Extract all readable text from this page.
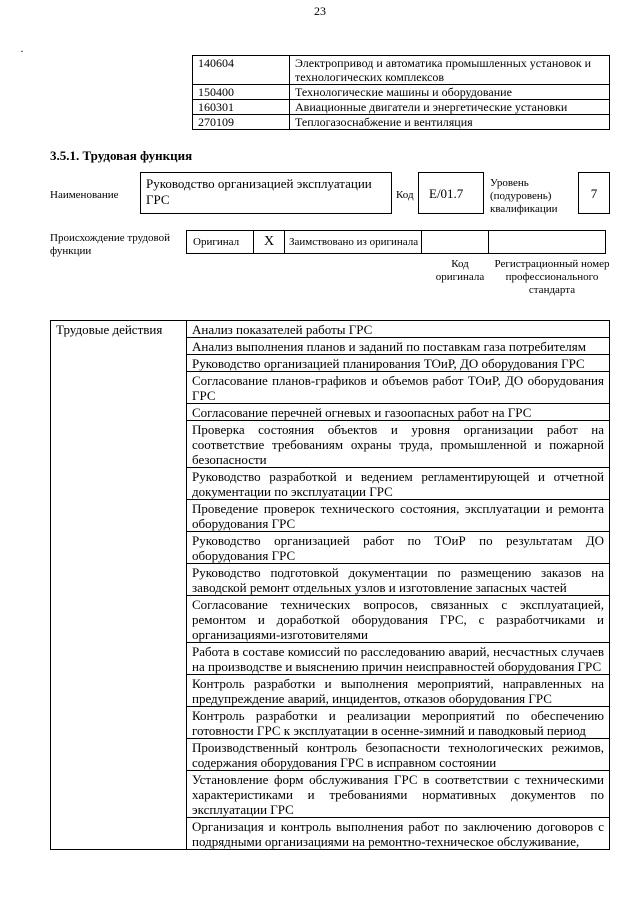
23
·
140604	Электропривод и автоматика промышленных установок и технологических комплексов
150400	Технологические машины и оборудование
160301	Авиационные двигатели и энергетические установки
270109	Теплогазоснабжение и вентиляция
3.5.1. Трудовая функция
Наименование
Руководство организацией эксплуатации ГРС	Код	E/01.7
Уровень (подуровень) квалификации
7
Происхождение трудовой функции
Оригинал	X	Заимствовано из оригинала		
Код оригинала
Регистрационный номер профессионального стандарта
Трудовые действия	Анализ показателей работы ГРС
Анализ выполнения планов и заданий по поставкам газа потребителям
Руководство организацией планирования ТОиР, ДО оборудования ГРС
Согласование планов-графиков и объемов работ ТОиР, ДО оборудования ГРС
Согласование перечней огневых и газоопасных работ на ГРС
Проверка состояния объектов и уровня организации работ на соответствие требованиям охраны труда, промышленной и пожарной безопасности
Руководство разработкой и ведением регламентирующей и отчетной документации по эксплуатации ГРС
Проведение проверок технического состояния, эксплуатации и ремонта оборудования ГРС
Руководство организацией работ по ТОиР по результатам ДО оборудования ГРС
Руководство подготовкой документации по размещению заказов на заводской ремонт отдельных узлов и изготовление запасных частей
Согласование технических вопросов, связанных с эксплуатацией, ремонтом и доработкой оборудования ГРС, с разработчиками и организациями-изготовителями
Работа в составе комиссий по расследованию аварий, несчастных случаев на производстве и выяснению причин неисправностей оборудования ГРС
Контроль разработки и выполнения мероприятий, направленных на предупреждение аварий, инцидентов, отказов оборудования ГРС
Контроль разработки и реализации мероприятий по обеспечению готовности ГРС к эксплуатации в осенне-зимний и паводковый период
Производственный контроль безопасности технологических режимов, содержания оборудования ГРС в исправном состоянии
Установление форм обслуживания ГРС в соответствии с техническими характеристиками и требованиями нормативных документов по эксплуатации ГРС
Организация и контроль выполнения работ по заключению договоров с подрядными организациями на ремонтно-техническое обслуживание,
